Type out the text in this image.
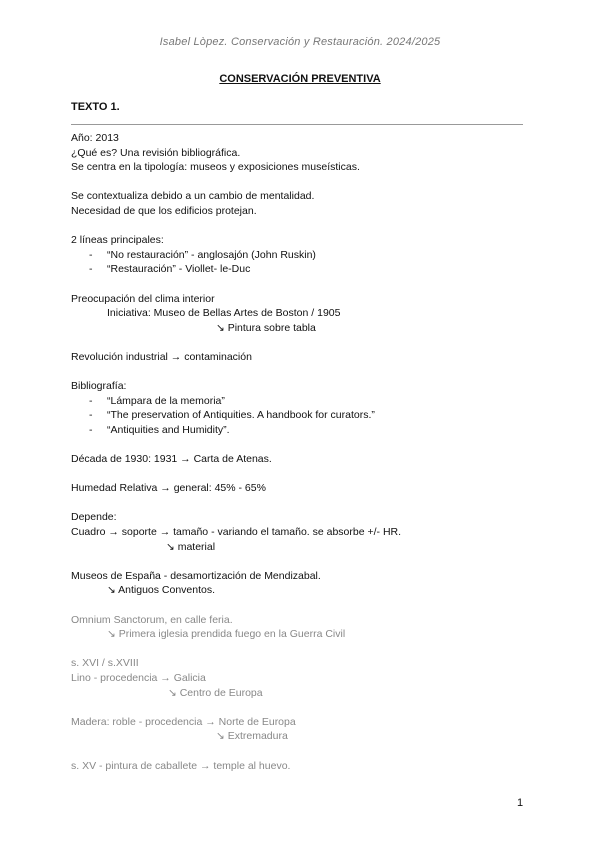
Isabel Lòpez. Conservación y Restauración. 2024/2025
CONSERVACIÓN PREVENTIVA
TEXTO 1.
Año: 2013
¿Qué es? Una revisión bibliográfica.
Se centra en la tipología: museos y exposiciones museísticas.
Se contextualiza debido a un cambio de mentalidad.
Necesidad de que los edificios protejan.
2 líneas principales:
- “No restauración” - anglosajón (John Ruskin)
- “Restauración” - Viollet- le-Duc
Preocupación del clima interior
Iniciativa: Museo de Bellas Artes de Boston / 1905
↘ Pintura sobre tabla
Revolución industrial → contaminación
Bibliografía:
- “Lámpara de la memoria”
- “The preservation of Antiquities. A handbook for curators.”
- “Antiquities and Humidity”.
Década de 1930: 1931 → Carta de Atenas.
Humedad Relativa → general: 45% - 65%
Depende:
Cuadro → soporte → tamaño - variando el tamaño. se absorbe +/- HR.
↘ material
Museos de España - desamortización de Mendizabal.
↘ Antiguos Conventos.
Omnium Sanctorum, en calle feria.
↘ Primera iglesia prendida fuego en la Guerra Civil
s. XVI / s.XVIII
Lino - procedencia → Galicia
↘ Centro de Europa
Madera: roble - procedencia → Norte de Europa
↘ Extremadura
s. XV - pintura de caballete → temple al huevo.
1
